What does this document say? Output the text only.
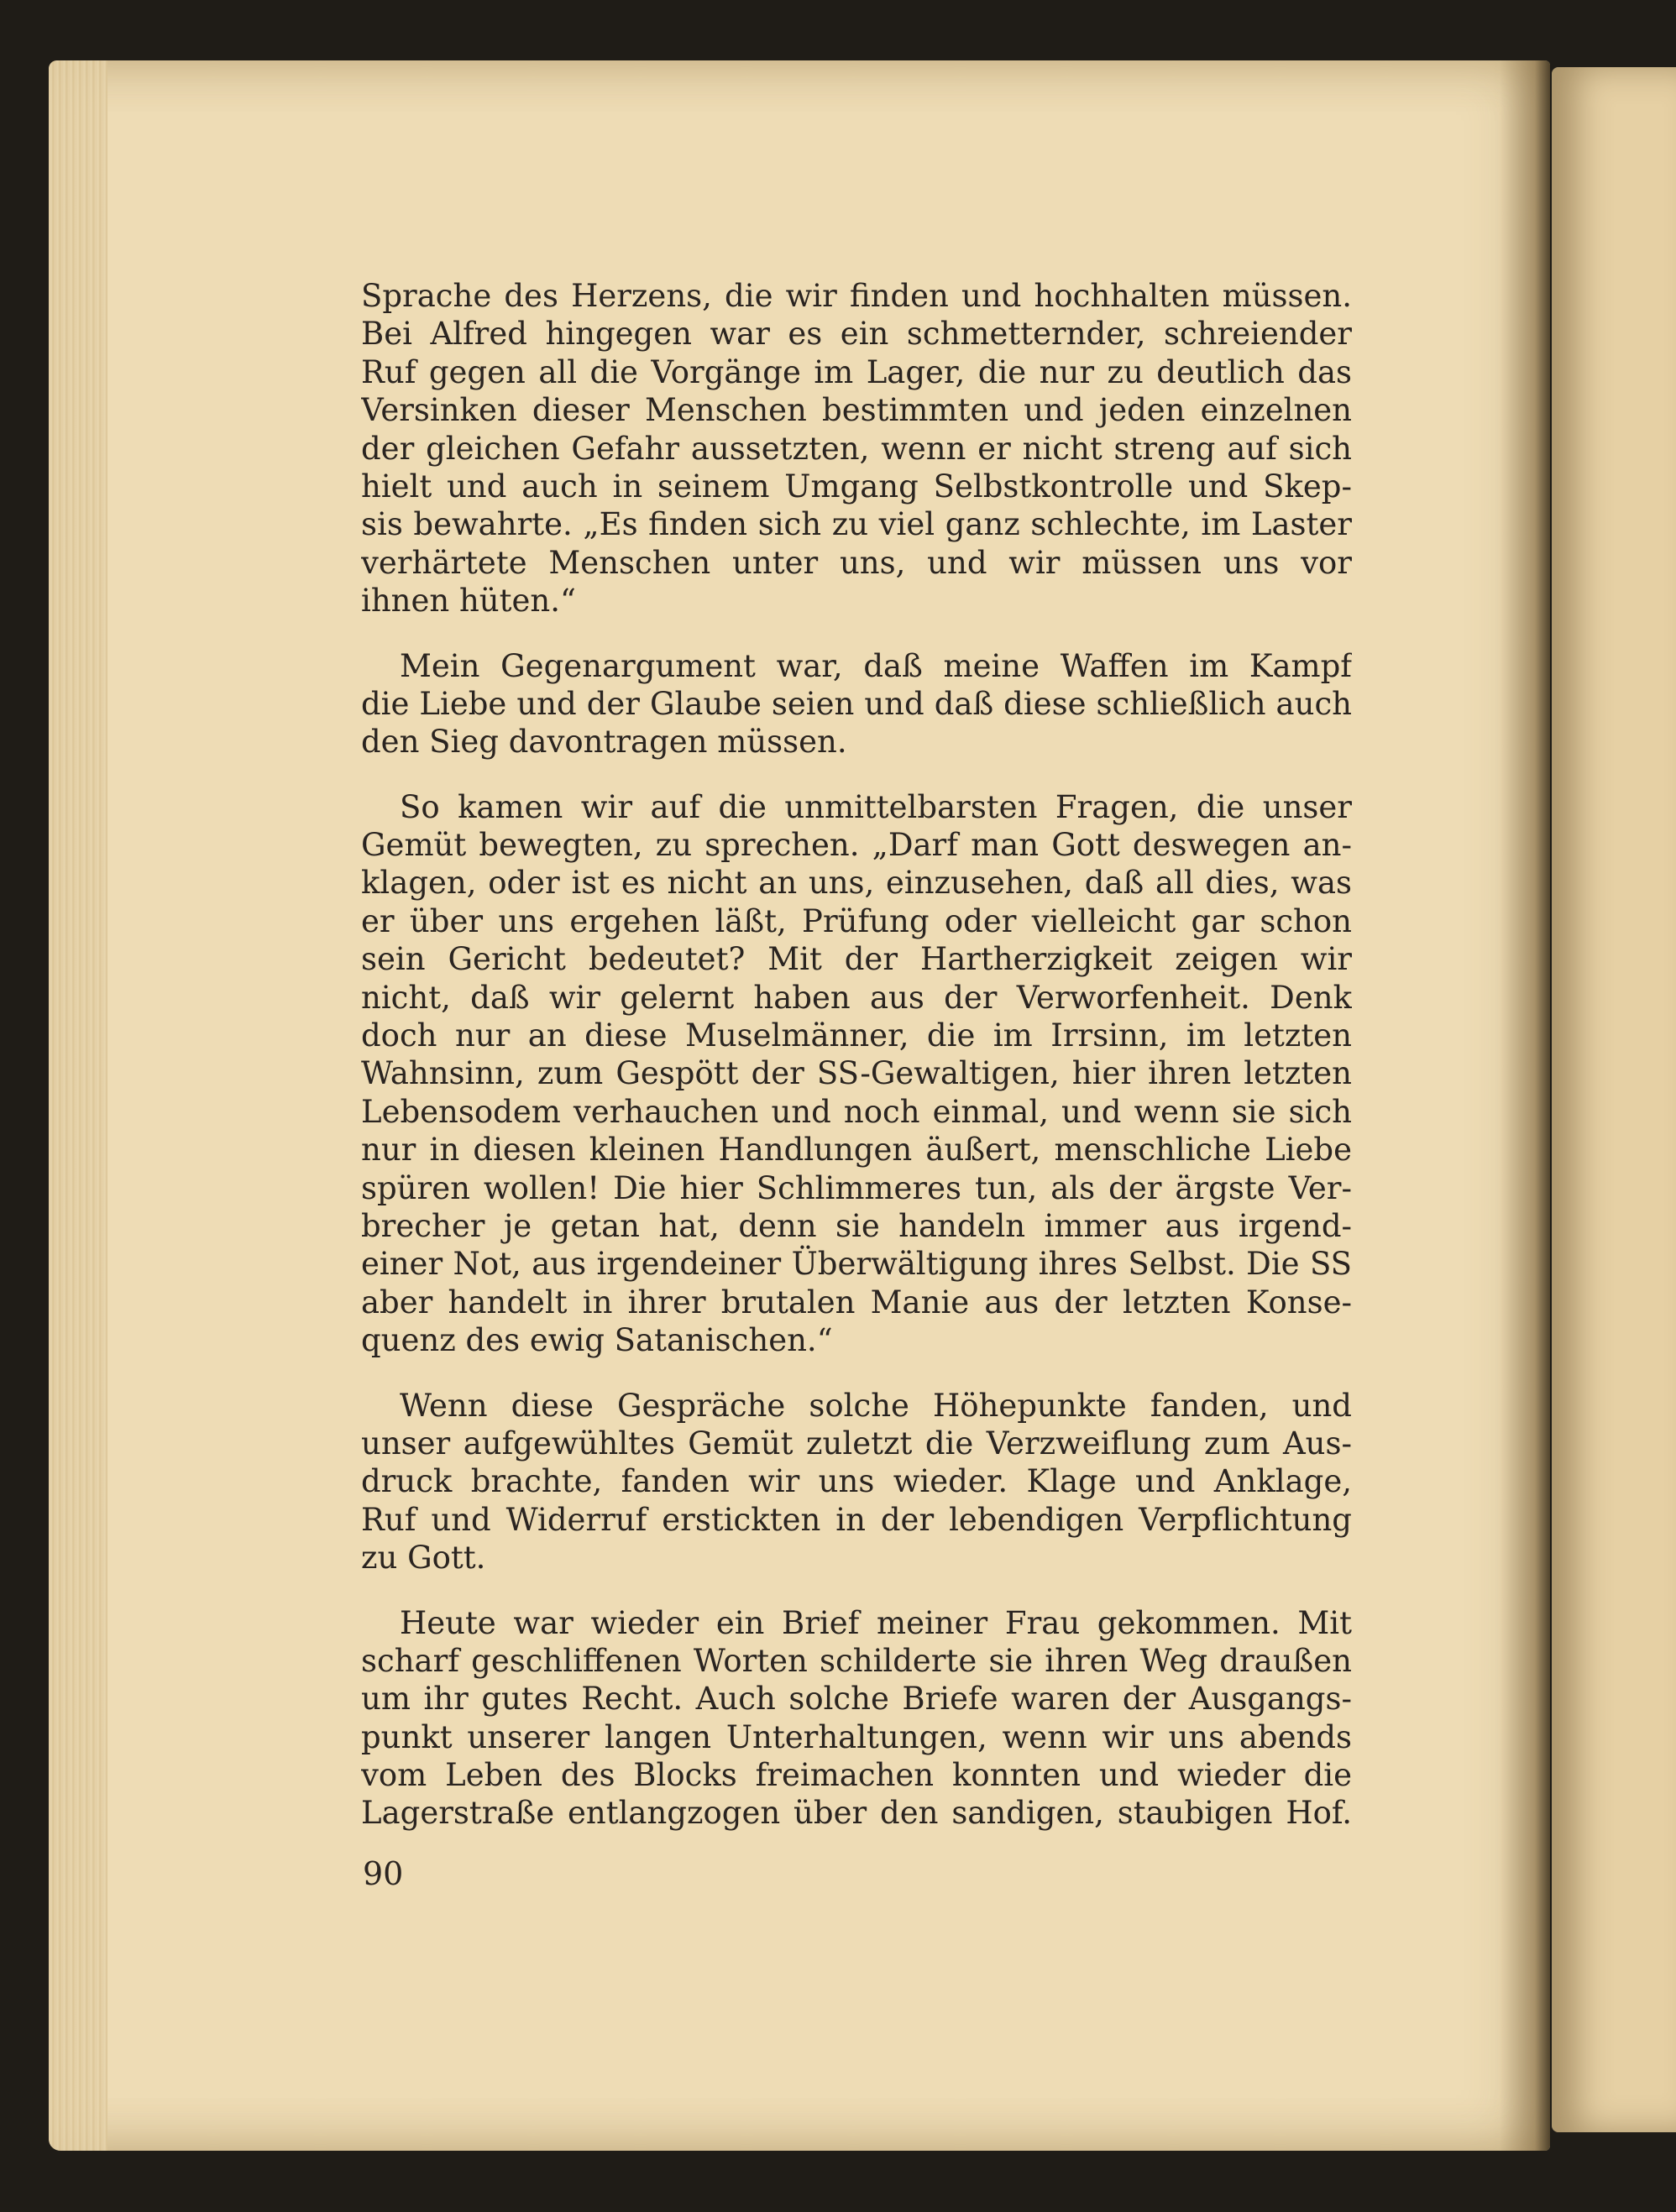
Sprache des Herzens, die wir finden und hochhalten müssen.
Bei Alfred hingegen war es ein schmetternder, schreiender
Ruf gegen all die Vorgänge im Lager, die nur zu deutlich das
Versinken dieser Menschen bestimmten und jeden einzelnen
der gleichen Gefahr aussetzten, wenn er nicht streng auf sich
hielt und auch in seinem Umgang Selbstkontrolle und Skep-
sis bewahrte. „Es finden sich zu viel ganz schlechte, im Laster
verhärtete Menschen unter uns, und wir müssen uns vor
ihnen hüten.“
Mein Gegenargument war, daß meine Waffen im Kampf
die Liebe und der Glaube seien und daß diese schließlich auch
den Sieg davontragen müssen.
So kamen wir auf die unmittelbarsten Fragen, die unser
Gemüt bewegten, zu sprechen. „Darf man Gott deswegen an-
klagen, oder ist es nicht an uns, einzusehen, daß all dies, was
er über uns ergehen läßt, Prüfung oder vielleicht gar schon
sein Gericht bedeutet? Mit der Hartherzigkeit zeigen wir
nicht, daß wir gelernt haben aus der Verworfenheit. Denk
doch nur an diese Muselmänner, die im Irrsinn, im letzten
Wahnsinn, zum Gespött der SS-Gewaltigen, hier ihren letzten
Lebensodem verhauchen und noch einmal, und wenn sie sich
nur in diesen kleinen Handlungen äußert, menschliche Liebe
spüren wollen! Die hier Schlimmeres tun, als der ärgste Ver-
brecher je getan hat, denn sie handeln immer aus irgend-
einer Not, aus irgendeiner Überwältigung ihres Selbst. Die SS
aber handelt in ihrer brutalen Manie aus der letzten Konse-
quenz des ewig Satanischen.“
Wenn diese Gespräche solche Höhepunkte fanden, und
unser aufgewühltes Gemüt zuletzt die Verzweiflung zum Aus-
druck brachte, fanden wir uns wieder. Klage und Anklage,
Ruf und Widerruf erstickten in der lebendigen Verpflichtung
zu Gott.
Heute war wieder ein Brief meiner Frau gekommen. Mit
scharf geschliffenen Worten schilderte sie ihren Weg draußen
um ihr gutes Recht. Auch solche Briefe waren der Ausgangs-
punkt unserer langen Unterhaltungen, wenn wir uns abends
vom Leben des Blocks freimachen konnten und wieder die
Lagerstraße entlangzogen über den sandigen, staubigen Hof.
90
